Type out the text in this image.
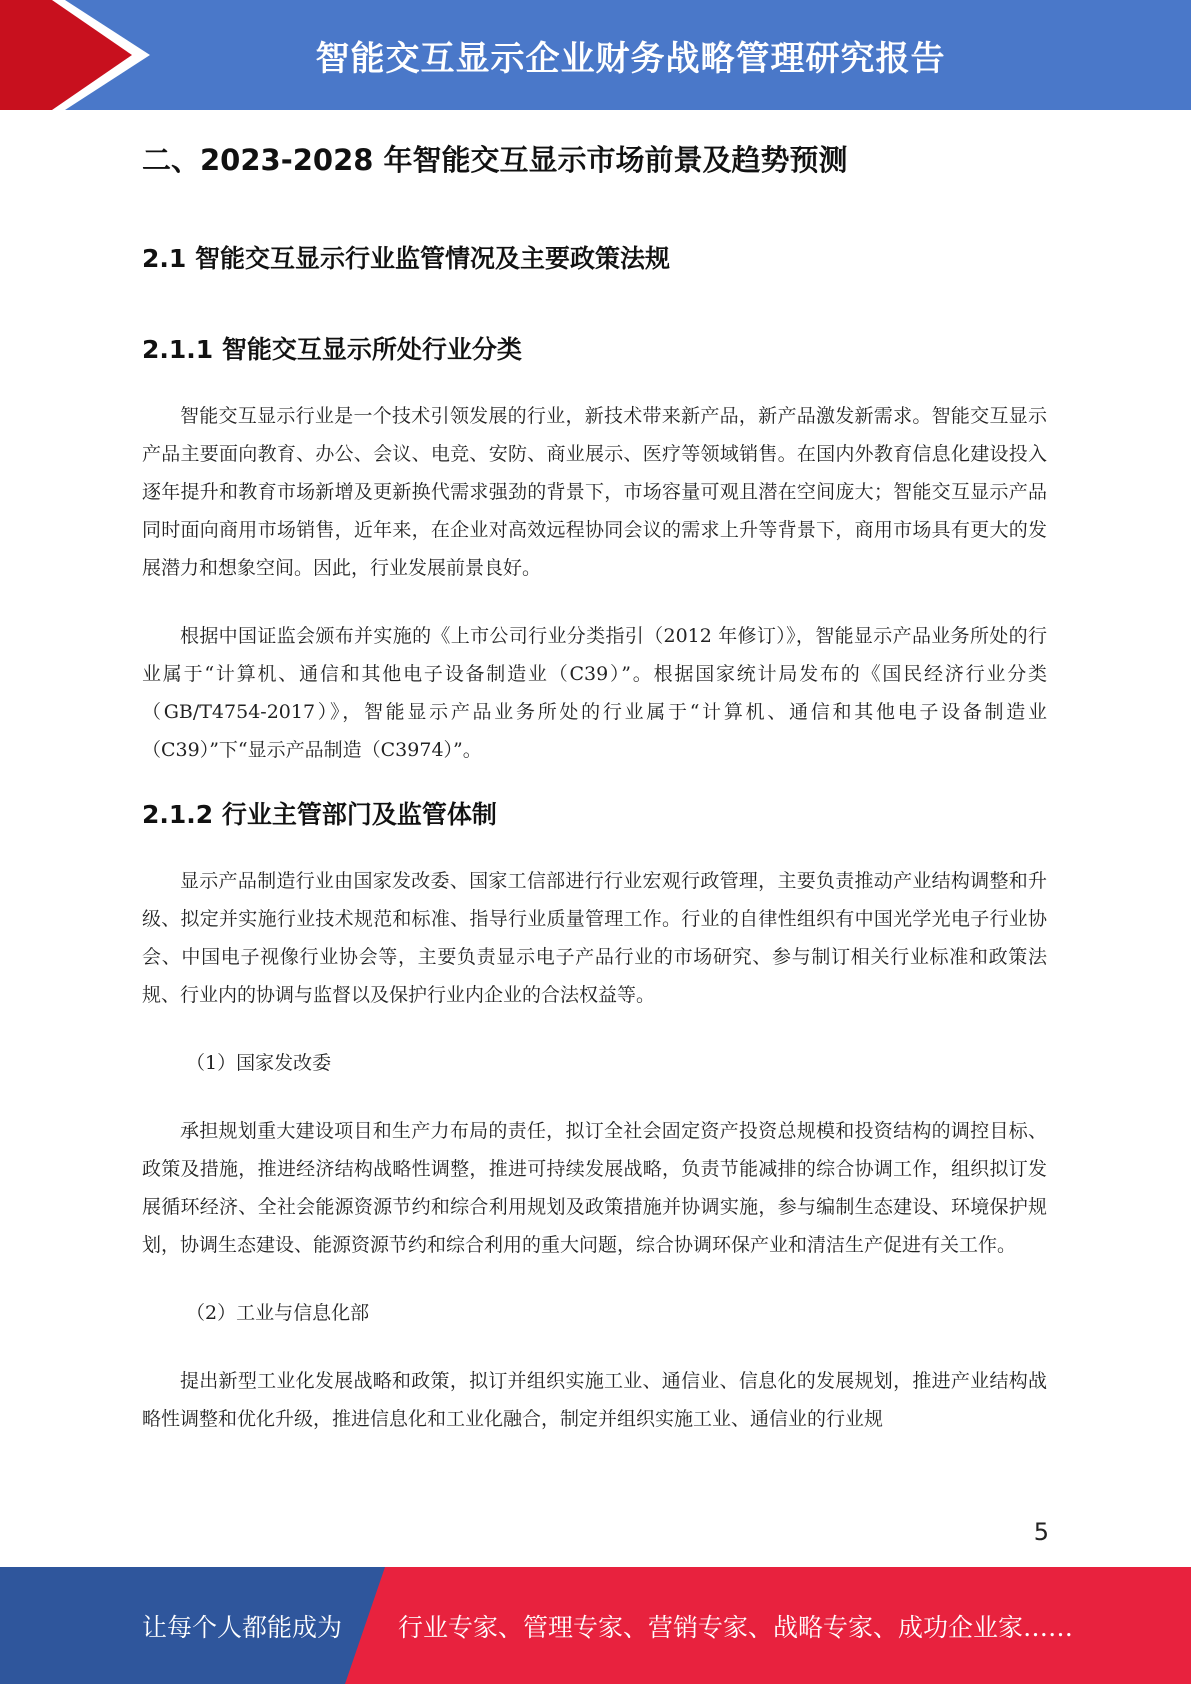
智能交互显示企业财务战略管理研究报告
二、2023-2028 年智能交互显示市场前景及趋势预测
2.1 智能交互显示行业监管情况及主要政策法规
2.1.1 智能交互显示所处行业分类

智能交互显示行业是一个技术引领发展的行业，新技术带来新产品，新产品激发新需求。智能交互显示产品主要面向教育、办公、会议、电竞、安防、商业展示、医疗等领域销售。在国内外教育信息化建设投入逐年提升和教育市场新增及更新换代需求强劲的背景下，市场容量可观且潜在空间庞大；智能交互显示产品同时面向商用市场销售，近年来，在企业对高效远程协同会议的需求上升等背景下，商用市场具有更大的发展潜力和想象空间。因此，行业发展前景良好。

根据中国证监会颁布并实施的《上市公司行业分类指引（2012 年修订）》，智能显示产品业务所处的行业属于“计算机、通信和其他电子设备制造业（C39）”。根据国家统计局发布的《国民经济行业分类（GB/T4754-2017）》，智能显示产品业务所处的行业属于“计算机、通信和其他电子设备制造业（C39）”下“显示产品制造（C3974）”。

2.1.2 行业主管部门及监管体制

显示产品制造行业由国家发改委、国家工信部进行行业宏观行政管理，主要负责推动产业结构调整和升级、拟定并实施行业技术规范和标准、指导行业质量管理工作。行业的自律性组织有中国光学光电子行业协会、中国电子视像行业协会等，主要负责显示电子产品行业的市场研究、参与制订相关行业标准和政策法规、行业内的协调与监督以及保护行业内企业的合法权益等。

（1）国家发改委

承担规划重大建设项目和生产力布局的责任，拟订全社会固定资产投资总规模和投资结构的调控目标、政策及措施，推进经济结构战略性调整，推进可持续发展战略，负责节能减排的综合协调工作，组织拟订发展循环经济、全社会能源资源节约和综合利用规划及政策措施并协调实施，参与编制生态建设、环境保护规划，协调生态建设、能源资源节约和综合利用的重大问题，综合协调环保产业和清洁生产促进有关工作。

（2）工业与信息化部

提出新型工业化发展战略和政策，拟订并组织实施工业、通信业、信息化的发展规划，推进产业结构战略性调整和优化升级，推进信息化和工业化融合，制定并组织实施工业、通信业的行业规

5
让每个人都能成为	行业专家、管理专家、营销专家、战略专家、成功企业家……
